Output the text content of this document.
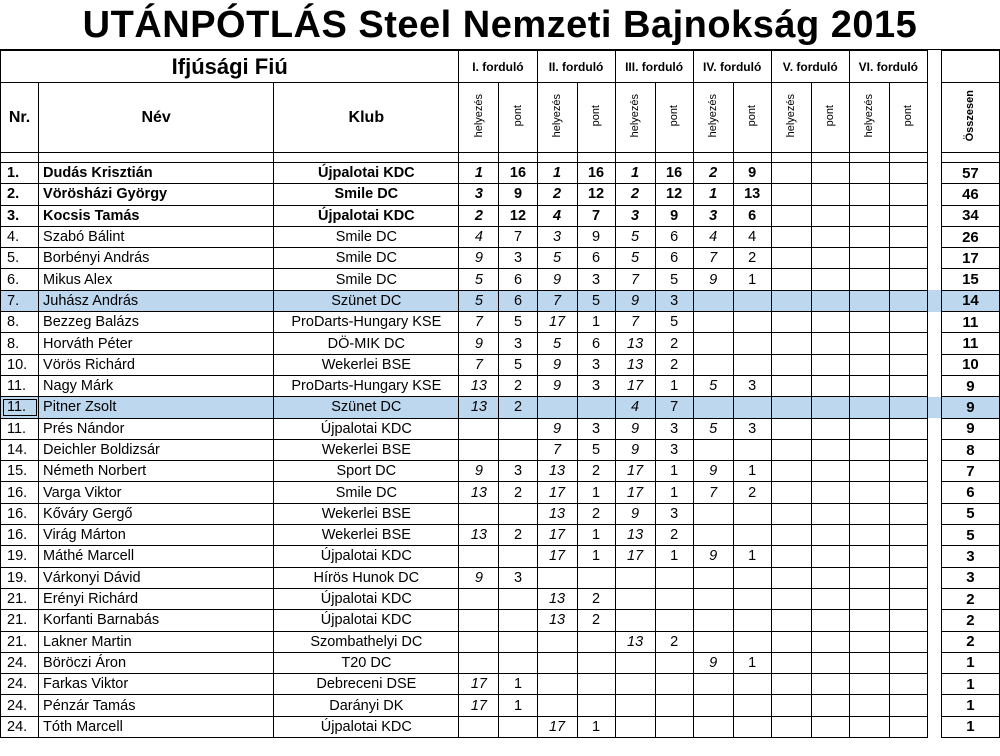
UTÁNPÓTLÁS Steel Nemzeti Bajnokság 2015
Ifjúsági Fiú			I. forduló		II. forduló		III. forduló		IV. forduló		V. forduló		VI. forduló			
Nr.	Név	Klub	helyezés	pont	helyezés	pont	helyezés	pont	helyezés	pont	helyezés	pont	helyezés	pont		Összesen

1.	Dudás Krisztián	Újpalotai KDC	1	16	1	16	1	16	2	9						57
2.	Vörösházi György	Smile DC	3	9	2	12	2	12	1	13						46
3.	Kocsis Tamás	Újpalotai KDC	2	12	4	7	3	9	3	6						34
4.	Szabó Bálint	Smile DC	4	7	3	9	5	6	4	4						26
5.	Borbényi András	Smile DC	9	3	5	6	5	6	7	2						17
6.	Mikus Alex	Smile DC	5	6	9	3	7	5	9	1						15
7.	Juhász András	Szünet DC	5	6	7	5	9	3								14
8.	Bezzeg Balázs	ProDarts-Hungary KSE	7	5	17	1	7	5								11
8.	Horváth Péter	DÖ-MIK DC	9	3	5	6	13	2								11
10.	Vörös Richárd	Wekerlei BSE	7	5	9	3	13	2								10
11.	Nagy Márk	ProDarts-Hungary KSE	13	2	9	3	17	1	5	3						9
11.	Pitner Zsolt	Szünet DC	13	2			4	7								9
11.	Prés Nándor	Újpalotai KDC			9	3	9	3	5	3						9
14.	Deichler Boldizsár	Wekerlei BSE			7	5	9	3								8
15.	Németh Norbert	Sport DC	9	3	13	2	17	1	9	1						7
16.	Varga Viktor	Smile DC	13	2	17	1	17	1	7	2						6
16.	Kőváry Gergő	Wekerlei BSE			13	2	9	3								5
16.	Virág Márton	Wekerlei BSE	13	2	17	1	13	2								5
19.	Máthé Marcell	Újpalotai KDC			17	1	17	1	9	1						3
19.	Várkonyi Dávid	Hírös Hunok DC	9	3												3
21.	Erényi Richárd	Újpalotai KDC			13	2										2
21.	Korfanti Barnabás	Újpalotai KDC			13	2										2
21.	Lakner Martin	Szombathelyi DC					13	2								2
24.	Böröczi Áron	T20 DC							9	1						1
24.	Farkas Viktor	Debreceni DSE	17	1												1
24.	Pénzár Tamás	Darányi DK	17	1												1
24.	Tóth Marcell	Újpalotai KDC			17	1										1
